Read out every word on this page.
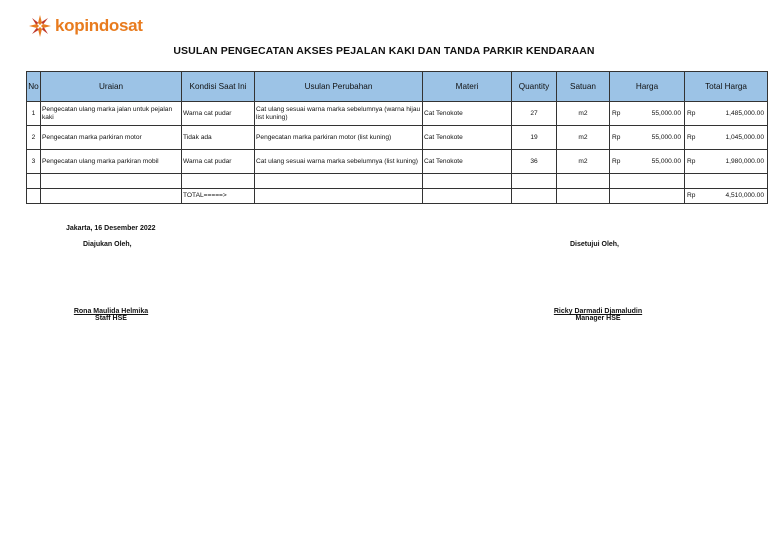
kopindosat
USULAN PENGECATAN AKSES PEJALAN KAKI DAN TANDA PARKIR KENDARAAN
No	Uraian	Kondisi Saat Ini	Usulan Perubahan	Materi	Quantity	Satuan	Harga		Total Harga	
1	Pengecatan ulang marka jalan untuk pejalan kaki	Warna cat pudar	Cat ulang sesuai warna marka sebelumnya (warna hijau list kuning)	Cat Tenokote	27	m2	Rp	55,000.00	Rp	1,485,000.00
2	Pengecatan marka parkiran motor	Tidak ada	Pengecatan marka parkiran motor (list kuning)	Cat Tenokote	19	m2	Rp	55,000.00	Rp	1,045,000.00
3	Pengecatan ulang marka parkiran mobil	Warna cat pudar	Cat ulang sesuai warna marka sebelumnya (list kuning)	Cat Tenokote	36	m2	Rp	55,000.00	Rp	1,980,000.00

		TOTAL=====>							Rp	4,510,000.00
Jakarta, 16 Desember 2022
Diajukan Oleh,	Disetujui Oleh,
Rona Maulida Helmika
Staff HSE
Ricky Darmadi Djamaludin
Manager HSE
